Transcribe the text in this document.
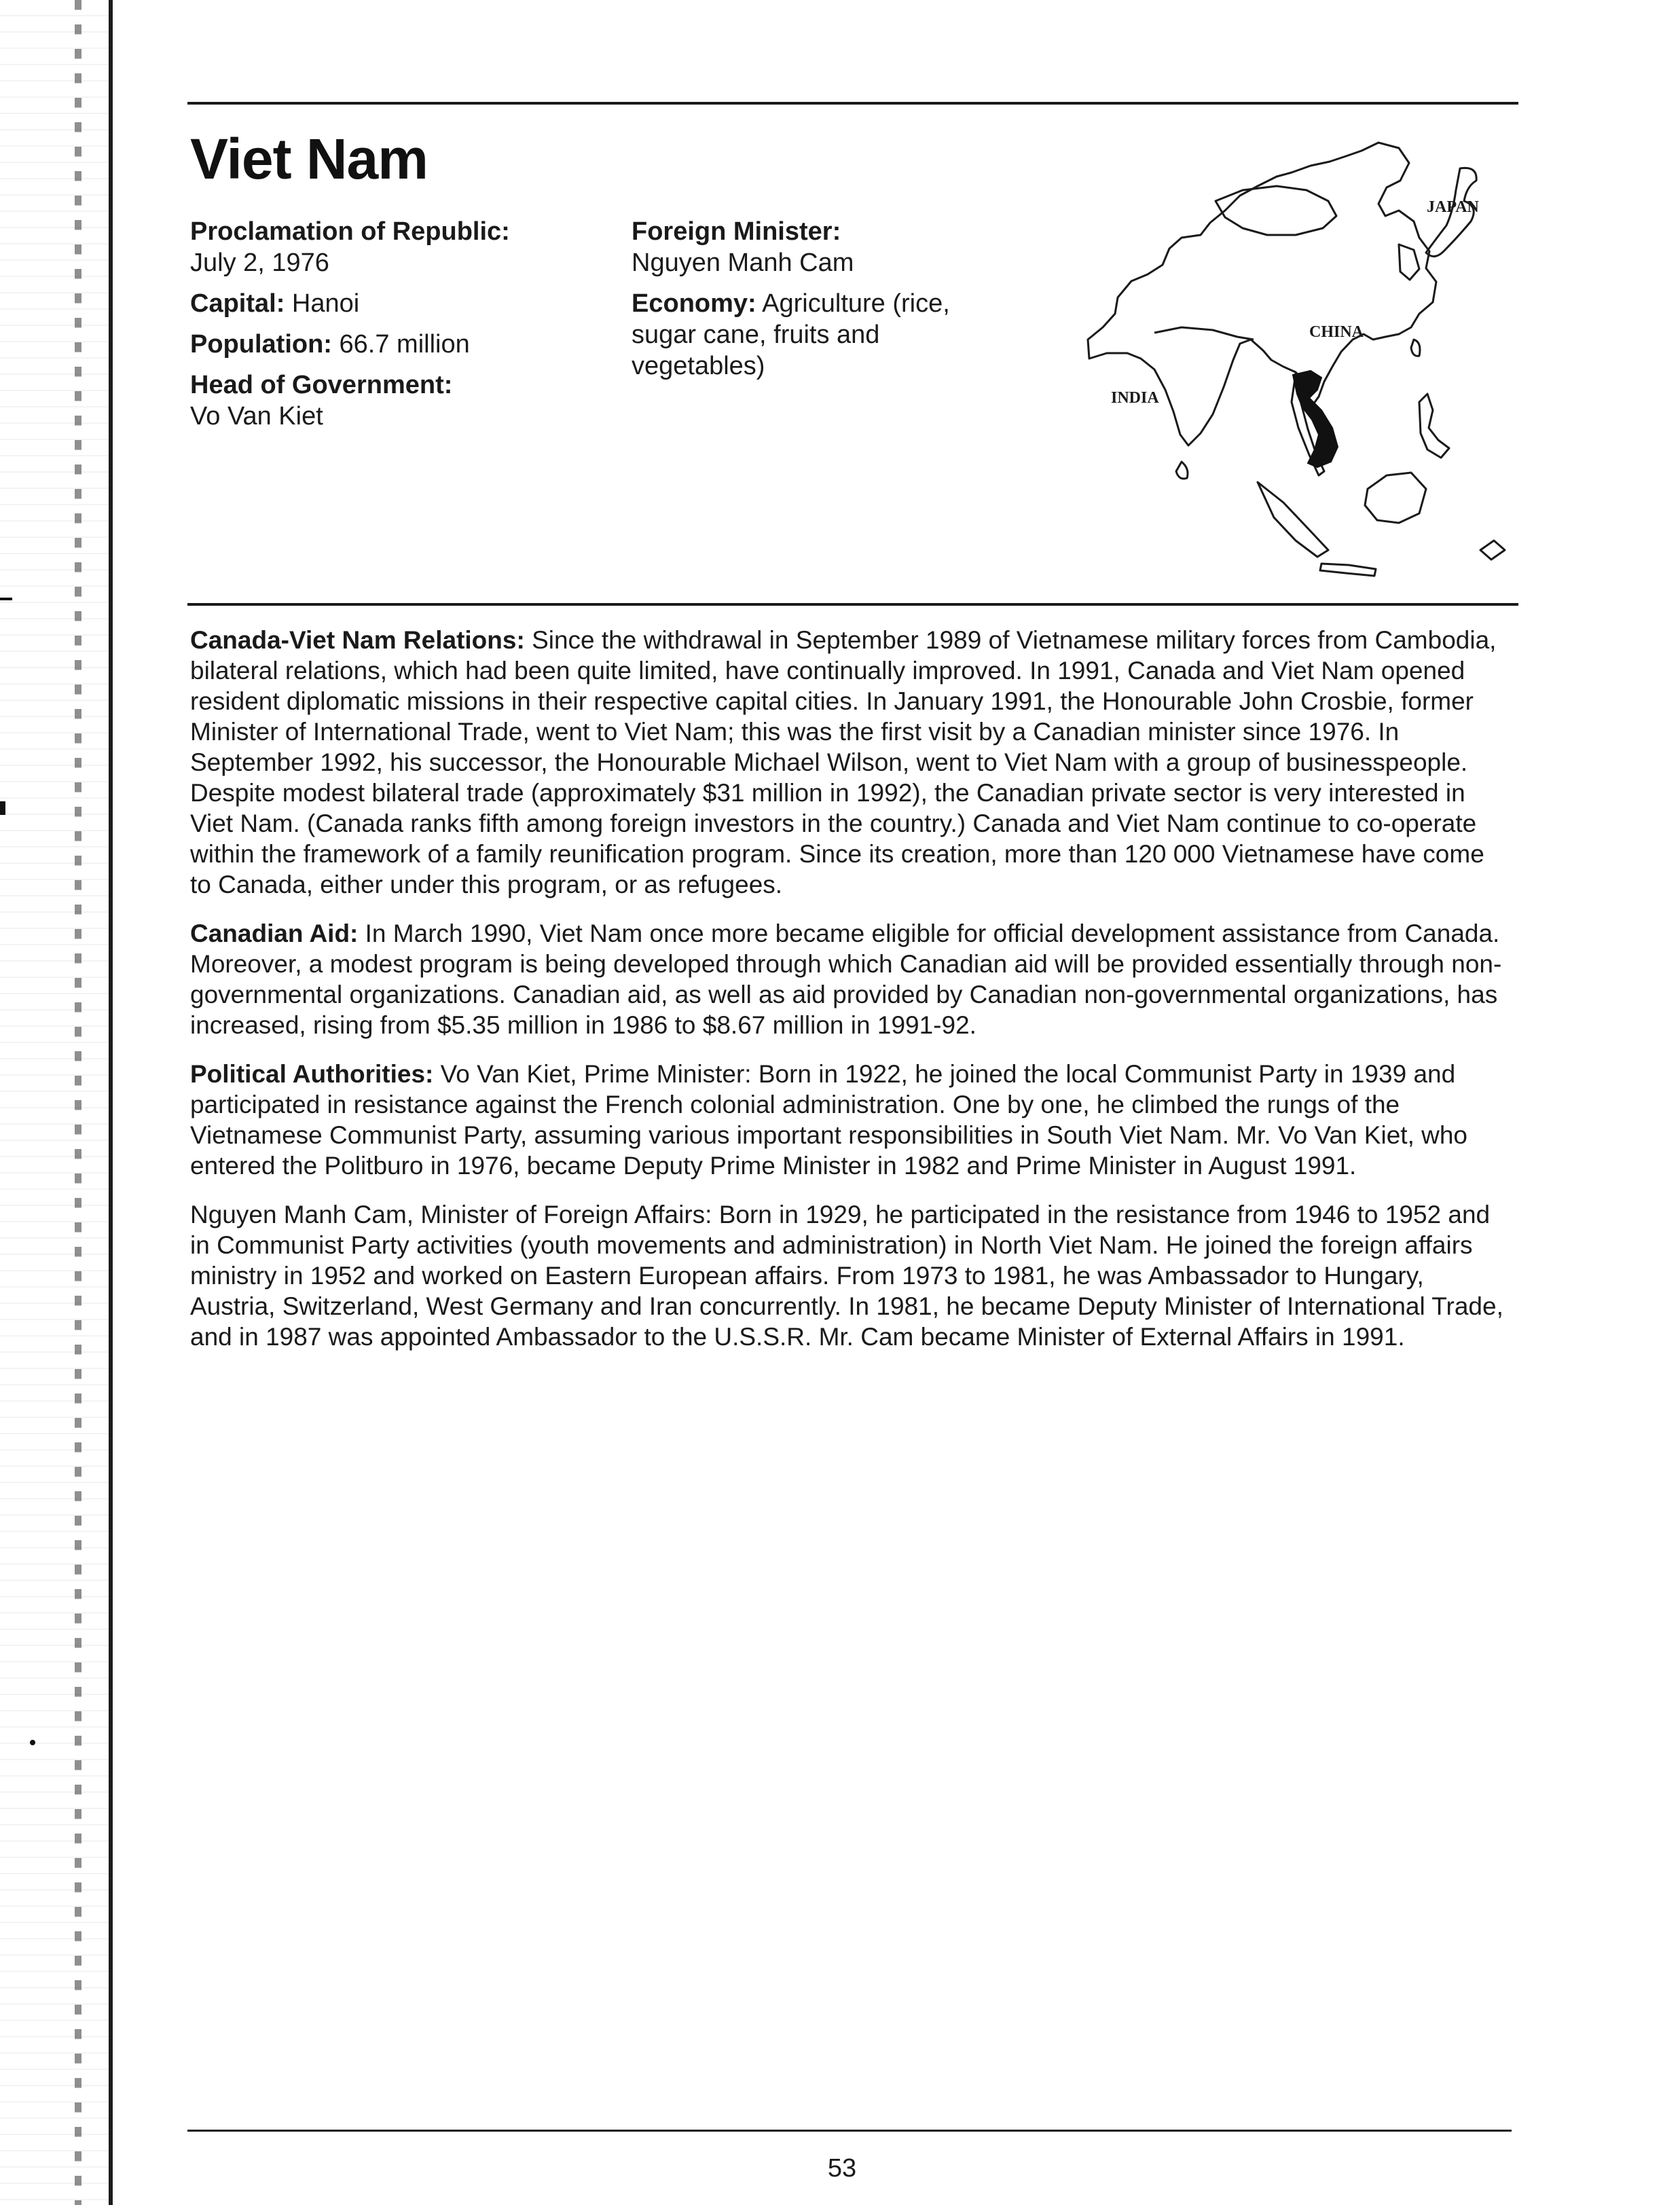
Viet Nam
Proclamation of Republic:
July 2, 1976
Capital: Hanoi
Population: 66.7 million
Head of Government:
Vo Van Kiet
Foreign Minister:
Nguyen Manh Cam
Economy: Agriculture (rice, sugar cane, fruits and vegetables)
JAPAN
CHINA
INDIA

Canada-Viet Nam Relations: Since the withdrawal in September 1989 of Vietnamese military forces from Cambodia, bilateral relations, which had been quite limited, have continually improved. In 1991, Canada and Viet Nam opened resident diplomatic missions in their respective capital cities. In January 1991, the Honourable John Crosbie, former Minister of International Trade, went to Viet Nam; this was the first visit by a Canadian minister since 1976. In September 1992, his successor, the Honourable Michael Wilson, went to Viet Nam with a group of businesspeople. Despite modest bilateral trade (approximately $31 million in 1992), the Canadian private sector is very interested in Viet Nam. (Canada ranks fifth among foreign investors in the country.) Canada and Viet Nam continue to co-operate within the framework of a family reunification program. Since its creation, more than 120 000 Vietnamese have come to Canada, either under this program, or as refugees.

Canadian Aid: In March 1990, Viet Nam once more became eligible for official development assistance from Canada. Moreover, a modest program is being developed through which Canadian aid will be provided essentially through non-governmental organizations. Canadian aid, as well as aid provided by Canadian non-governmental organizations, has increased, rising from $5.35 million in 1986 to $8.67 million in 1991-92.

Political Authorities: Vo Van Kiet, Prime Minister: Born in 1922, he joined the local Communist Party in 1939 and participated in resistance against the French colonial administration. One by one, he climbed the rungs of the Vietnamese Communist Party, assuming various important responsibilities in South Viet Nam. Mr. Vo Van Kiet, who entered the Politburo in 1976, became Deputy Prime Minister in 1982 and Prime Minister in August 1991.

Nguyen Manh Cam, Minister of Foreign Affairs: Born in 1929, he participated in the resistance from 1946 to 1952 and in Communist Party activities (youth movements and administration) in North Viet Nam. He joined the foreign affairs ministry in 1952 and worked on Eastern European affairs. From 1973 to 1981, he was Ambassador to Hungary, Austria, Switzerland, West Germany and Iran concurrently. In 1981, he became Deputy Minister of International Trade, and in 1987 was appointed Ambassador to the U.S.S.R. Mr. Cam became Minister of External Affairs in 1991.

53
